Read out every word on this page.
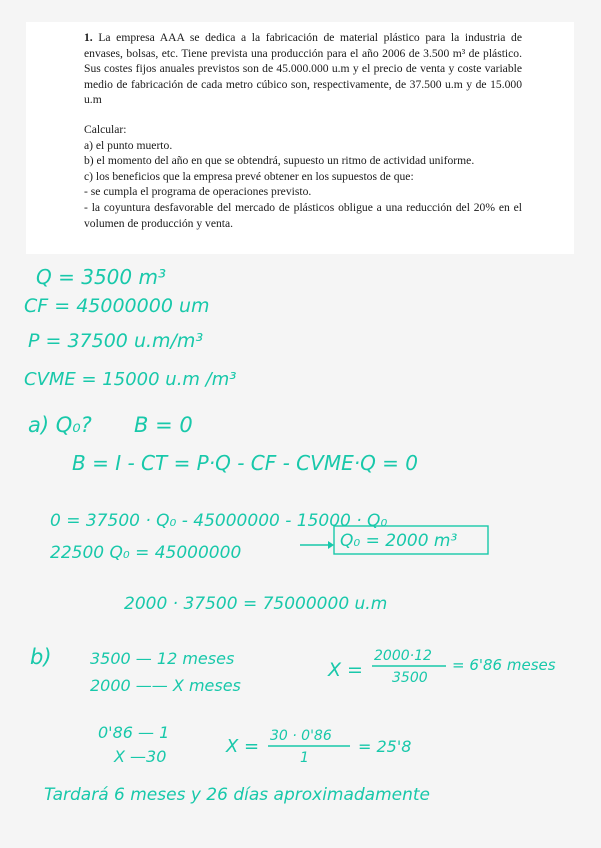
1. La empresa AAA se dedica a la fabricación de material plástico para la industria de envases, bolsas, etc. Tiene prevista una producción para el año 2006 de 3.500 m³ de plástico. Sus costes fijos anuales previstos son de 45.000.000 u.m y el precio de venta y coste variable medio de fabricación de cada metro cúbico son, respectivamente, de 37.500 u.m y de 15.000 u.m

Calcular:

a) el punto muerto.

b) el momento del año en que se obtendrá, supuesto un ritmo de actividad uniforme.

c) los beneficios que la empresa prevé obtener en los supuestos de que:

- se cumpla el programa de operaciones previsto.

- la coyuntura desfavorable del mercado de plásticos obligue a una reducción del 20% en el volumen de producción y venta.

Q = 3500 m³
CF = 45000000 um
P = 37500 u.m/m³
CVME = 15000 u.m /m³
a) Q₀? B = 0
B = I - CT = P·Q - CF - CVME·Q = 0
0 = 37500 · Q₀ - 45000000 - 15000 · Q₀
22500 Q₀ = 45000000
Q₀ = 2000 m³
2000 · 37500 = 75000000 u.m
b) 3500 — 12 meses
2000 —— X meses
X =
2000·12
3500
= 6'86 meses
0'86 — 1
X —30	X = 30 · 0'86
1
= 25'8
Tardará 6 meses y 26 días aproximadamente
